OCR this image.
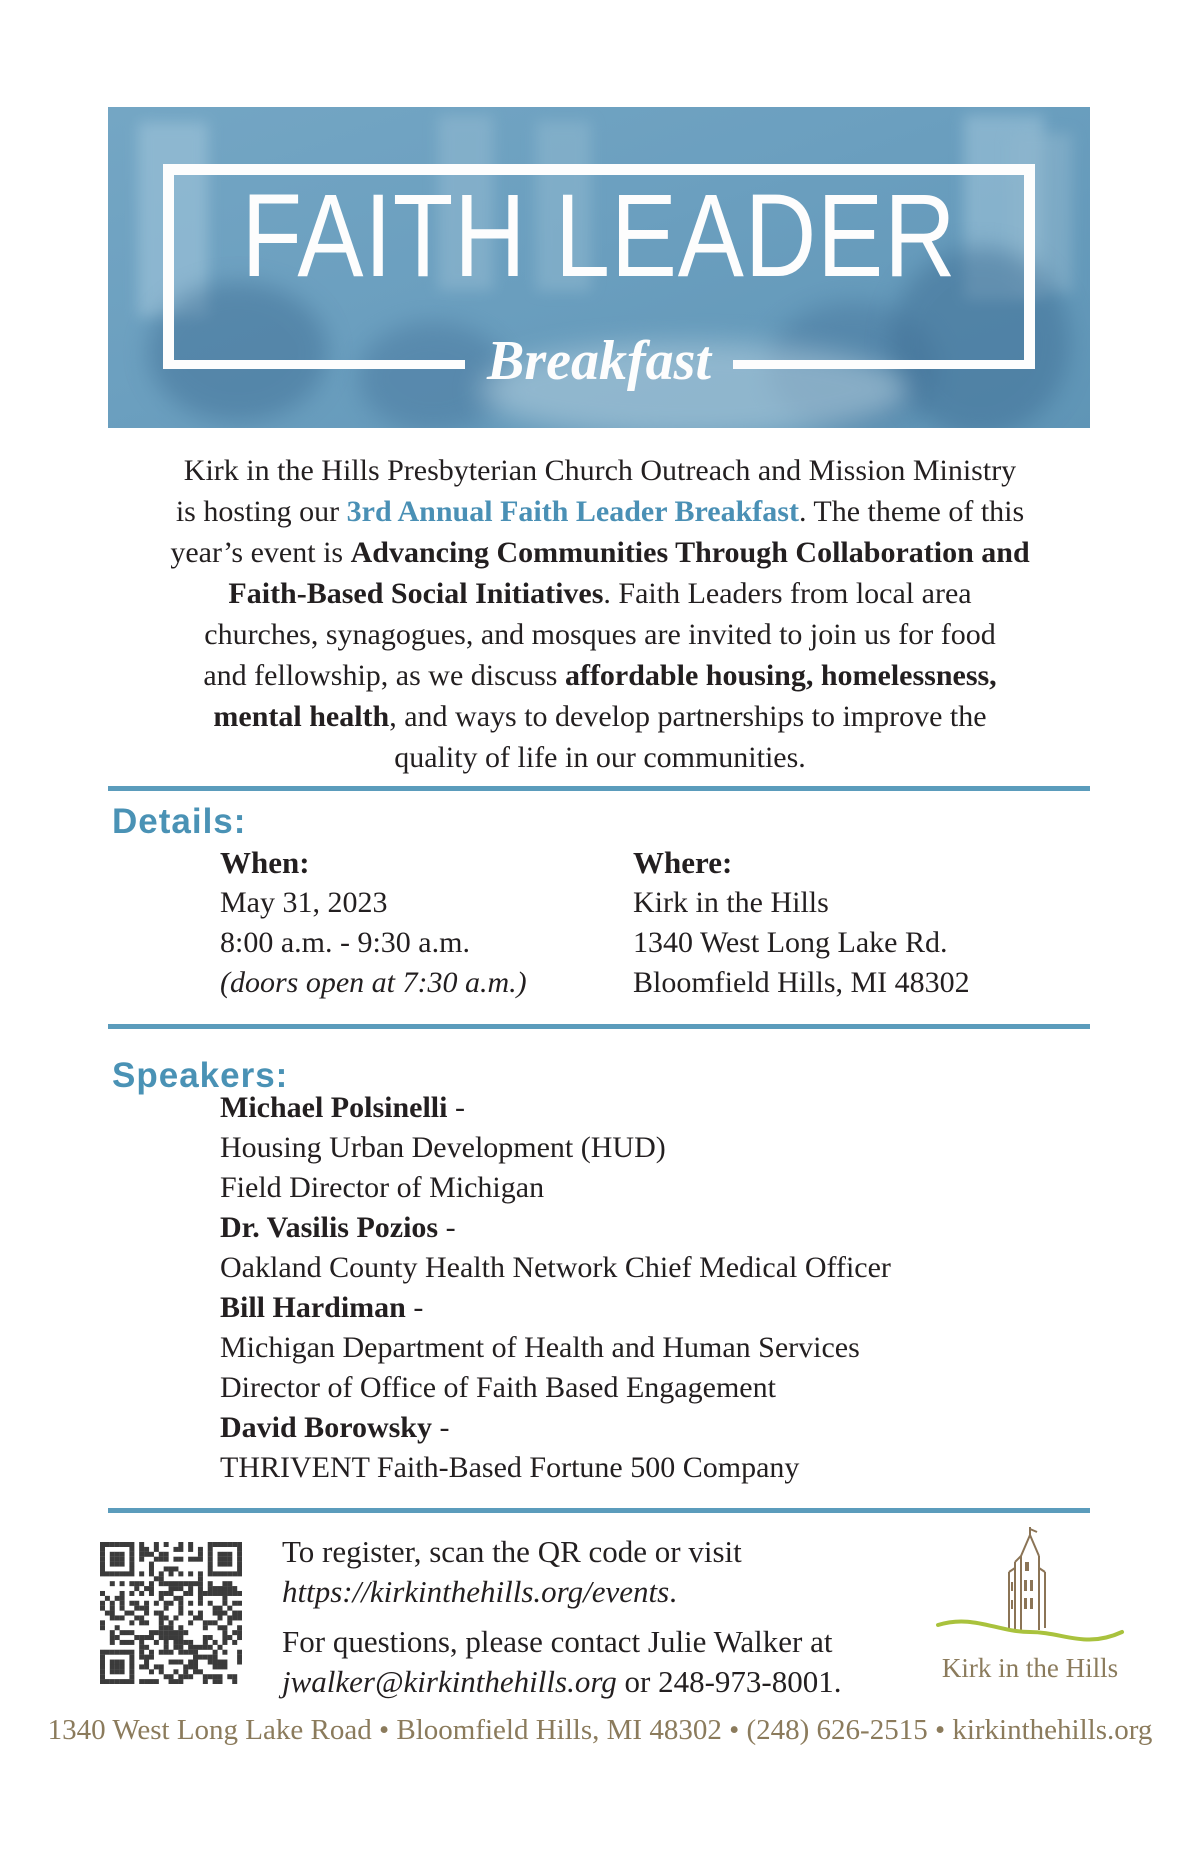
FAITH LEADER
Breakfast
Kirk in the Hills Presbyterian Church Outreach and Mission Ministry
is hosting our 3rd Annual Faith Leader Breakfast. The theme of this
year’s event is Advancing Communities Through Collaboration and
Faith-Based Social Initiatives. Faith Leaders from local area
churches, synagogues, and mosques are invited to join us for food
and fellowship, as we discuss affordable housing, homelessness,
mental health, and ways to develop partnerships to improve the
quality of life in our communities.
Details:
When:
May 31, 2023
8:00 a.m. - 9:30 a.m.
(doors open at 7:30 a.m.)
Where:
Kirk in the Hills
1340 West Long Lake Rd.
Bloomfield Hills, MI 48302
Speakers:
Michael Polsinelli -
Housing Urban Development (HUD)
Field Director of Michigan
Dr. Vasilis Pozios -
Oakland County Health Network Chief Medical Officer
Bill Hardiman -
Michigan Department of Health and Human Services
Director of Office of Faith Based Engagement
David Borowsky -
THRIVENT Faith-Based Fortune 500 Company
To register, scan the QR code or visit
https://kirkinthehills.org/events.
For questions, please contact Julie Walker at
jwalker@kirkinthehills.org or 248-973-8001.	Kirk in the Hills
1340 West Long Lake Road • Bloomfield Hills, MI 48302 • (248) 626-2515 • kirkinthehills.org
